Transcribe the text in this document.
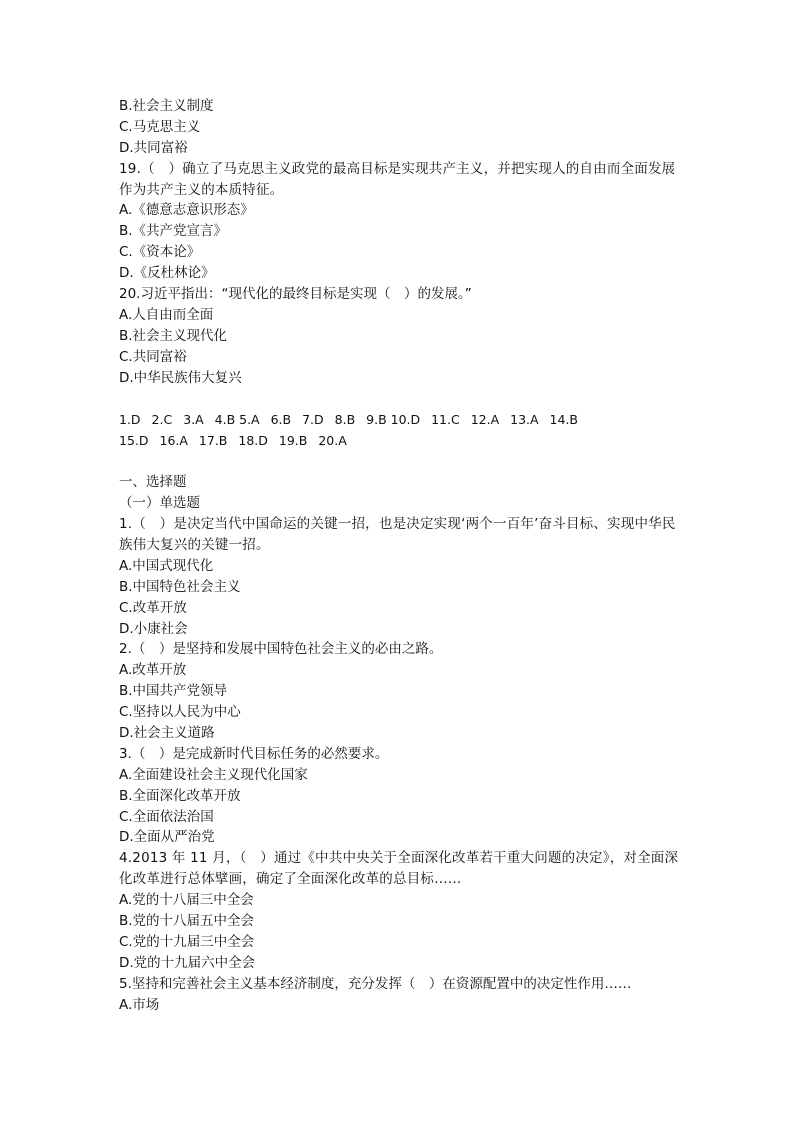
B.社会主义制度
C.马克思主义
D.共同富裕
19.（　）确立了马克思主义政党的最高目标是实现共产主义，并把实现人的自由而全面发展作为共产主义的本质特征。
A.《德意志意识形态》
B.《共产党宣言》
C.《资本论》
D.《反杜林论》
20.习近平指出：“现代化的最终目标是实现（　）的发展。”
A.人自由而全面
B.社会主义现代化
C.共同富裕
D.中华民族伟大复兴
1.D 2.C 3.A 4.B 5.A 6.B 7.D 8.B 9.B 10.D 11.C 12.A 13.A 14.B
15.D 16.A 17.B 18.D 19.B 20.A
一、选择题
（一）单选题
1.（　）是决定当代中国命运的关键一招，也是决定实现‘两个一百年’奋斗目标、实现中华民族伟大复兴的关键一招。
A.中国式现代化
B.中国特色社会主义
C.改革开放
D.小康社会
2.（　）是坚持和发展中国特色社会主义的必由之路。
A.改革开放
B.中国共产党领导
C.坚持以人民为中心
D.社会主义道路
3.（　）是完成新时代目标任务的必然要求。
A.全面建设社会主义现代化国家
B.全面深化改革开放
C.全面依法治国
D.全面从严治党
4.2013 年 11 月，（　）通过《中共中央关于全面深化改革若干重大问题的决定》，对全面深化改革进行总体擘画，确定了全面深化改革的总目标……
A.党的十八届三中全会
B.党的十八届五中全会
C.党的十九届三中全会
D.党的十九届六中全会
5.坚持和完善社会主义基本经济制度，充分发挥（　）在资源配置中的决定性作用……
A.市场
